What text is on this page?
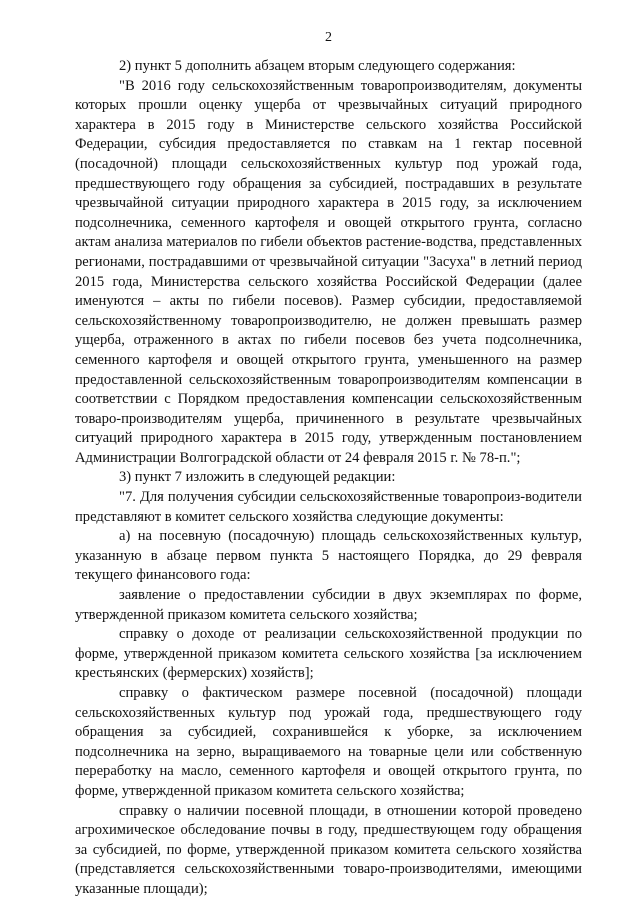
2

2) пункт 5 дополнить абзацем вторым следующего содержания:

"В 2016 году сельскохозяйственным товаропроизводителям, документы которых прошли оценку ущерба от чрезвычайных ситуаций природного характера в 2015 году в Министерстве сельского хозяйства Российской Федерации, субсидия предоставляется по ставкам на 1 гектар посевной (посадочной) площади сельскохозяйственных культур под урожай года, предшествующего году обращения за субсидией, пострадавших в результате чрезвычайной ситуации природного характера в 2015 году, за исключением подсолнечника, семенного картофеля и овощей открытого грунта, согласно актам анализа материалов по гибели объектов растение-водства, представленных регионами, пострадавшими от чрезвычайной ситуации "Засуха" в летний период 2015 года, Министерства сельского хозяйства Российской Федерации (далее именуются – акты по гибели посевов). Размер субсидии, предоставляемой сельскохозяйственному товаропроизводителю, не должен превышать размер ущерба, отраженного в актах по гибели посевов без учета подсолнечника, семенного картофеля и овощей открытого грунта, уменьшенного на размер предоставленной сельскохозяйственным товаропроизводителям компенсации в соответствии с Порядком предоставления компенсации сельскохозяйственным товаро-производителям ущерба, причиненного в результате чрезвычайных ситуаций природного характера в 2015 году, утвержденным постановлением Администрации Волгоградской области от 24 февраля 2015 г. № 78-п.";

3) пункт 7 изложить в следующей редакции:

"7. Для получения субсидии сельскохозяйственные товаропроиз-водители представляют в комитет сельского хозяйства следующие документы:

а) на посевную (посадочную) площадь сельскохозяйственных культур, указанную в абзаце первом пункта 5 настоящего Порядка, до 29 февраля текущего финансового года:

заявление о предоставлении субсидии в двух экземплярах по форме, утвержденной приказом комитета сельского хозяйства;

справку о доходе от реализации сельскохозяйственной продукции по форме, утвержденной приказом комитета сельского хозяйства [за исключением крестьянских (фермерских) хозяйств];

справку о фактическом размере посевной (посадочной) площади сельскохозяйственных культур под урожай года, предшествующего году обращения за субсидией, сохранившейся к уборке, за исключением подсолнечника на зерно, выращиваемого на товарные цели или собственную переработку на масло, семенного картофеля и овощей открытого грунта, по форме, утвержденной приказом комитета сельского хозяйства;

справку о наличии посевной площади, в отношении которой проведено агрохимическое обследование почвы в году, предшествующем году обращения за субсидией, по форме, утвержденной приказом комитета сельского хозяйства (представляется сельскохозяйственными товаро-производителями, имеющими указанные площади);
